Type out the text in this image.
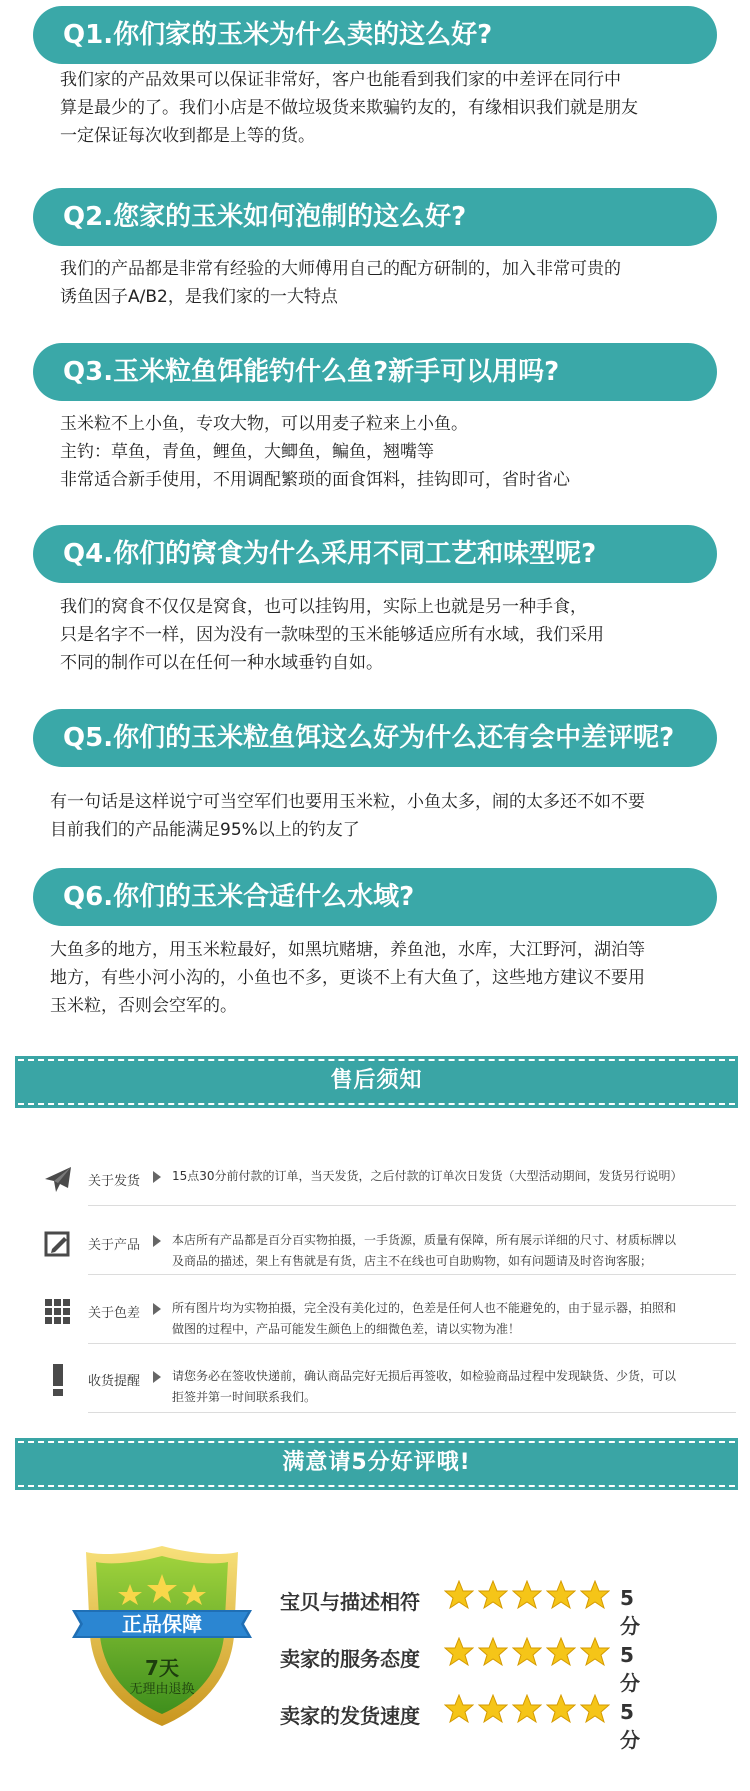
Q1.你们家的玉米为什么卖的这么好?
我们家的产品效果可以保证非常好，客户也能看到我们家的中差评在同行中
算是最少的了。我们小店是不做垃圾货来欺骗钓友的，有缘相识我们就是朋友
一定保证每次收到都是上等的货。
Q2.您家的玉米如何泡制的这么好?
我们的产品都是非常有经验的大师傅用自己的配方研制的，加入非常可贵的
诱鱼因子A/B2，是我们家的一大特点
Q3.玉米粒鱼饵能钓什么鱼?新手可以用吗?
玉米粒不上小鱼，专攻大物，可以用麦子粒来上小鱼。
主钓：草鱼，青鱼，鲤鱼，大鲫鱼，鳊鱼，翘嘴等
非常适合新手使用，不用调配繁琐的面食饵料，挂钩即可，省时省心
Q4.你们的窝食为什么采用不同工艺和味型呢?
我们的窝食不仅仅是窝食，也可以挂钩用，实际上也就是另一种手食，
只是名字不一样，因为没有一款味型的玉米能够适应所有水域，我们采用
不同的制作可以在任何一种水域垂钓自如。
Q5.你们的玉米粒鱼饵这么好为什么还有会中差评呢?
有一句话是这样说宁可当空军们也要用玉米粒，小鱼太多，闹的太多还不如不要
目前我们的产品能满足95%以上的钓友了
Q6.你们的玉米合适什么水域?
大鱼多的地方，用玉米粒最好，如黑坑赌塘，养鱼池，水库，大江野河，湖泊等
地方，有些小河小沟的，小鱼也不多，更谈不上有大鱼了，这些地方建议不要用
玉米粒，否则会空军的。
售后须知
关于发货	15点30分前付款的订单，当天发货，之后付款的订单次日发货（大型活动期间，发货另行说明）
关于产品	本店所有产品都是百分百实物拍摄，一手货源，质量有保障，所有展示详细的尺寸、材质标牌以
及商品的描述，架上有售就是有货，店主不在线也可自助购物，如有问题请及时咨询客服；
关于色差	所有图片均为实物拍摄，完全没有美化过的，色差是任何人也不能避免的，由于显示器，拍照和
做图的过程中，产品可能发生颜色上的细微色差，请以实物为准！
收货提醒	请您务必在签收快递前，确认商品完好无损后再签收，如检验商品过程中发现缺货、少货，可以
拒签并第一时间联系我们。
满意请5分好评哦!
正品保障
7天
无理由退换
宝贝与描述相符	5分
卖家的服务态度	5分
卖家的发货速度	5分
